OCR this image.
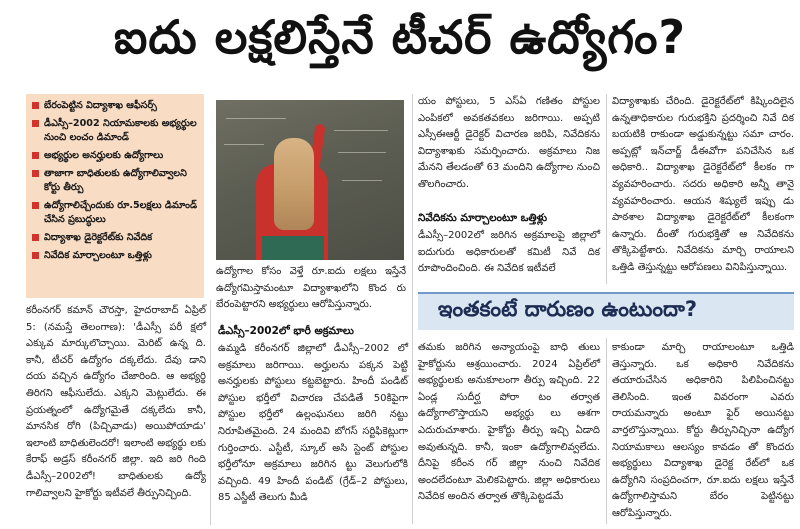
ఐదు లక్షలిస్తేనే టీచర్ ఉద్యోగం?
బేరంపెట్టిన విద్యాశాఖ ఆఫీసర్స్
డీఎస్సీ–2002 నియామకాలకు అభ్యర్థుల నుంచి లంచం డిమాండ్
అభ్యర్థుల అనర్హులకు ఉద్యోగాలు
తాజాగా బాధితులకు ఉద్యోగాలివ్వాలని కోర్టు తీర్పు
ఉద్యోగాలిచ్చేందుకు రూ.5లక్షలు డిమాండ్ చేసిన ప్రబుద్ధులు
విద్యాశాఖ డైరెక్టరేట్‌కు నివేదిక
నివేదిక మార్చాలంటూ ఒత్తిళ్లు
ఉద్యోగాల కోసం వెళ్తే రూ.ఐదు లక్షలు ఇస్తేనే ఉద్యోగమిస్తామంటూ విద్యాశాఖలోని కొంద రు బేరంపెట్టారని అభ్యర్థులు ఆరోపిస్తున్నారు.
కరీంనగర్ కమాన్ చౌరస్తా, హైదరాబాద్ ఏప్రిల్ 5: (నమస్తే తెలంగాణ): 'డీఎస్సీ పరీ క్షలో ఎక్కువ మార్కులొచ్చాయి. మెరిట్ ఉన్న ది. కానీ, టీచర్ ఉద్యోగం దక్కలేదు. దేవు డాని దయ వచ్చిన ఉద్యోగం చేజారింది. ఆ అభ్యర్థి తిరిగని ఆఫీసులేదు. ఎక్కని మెట్లులేదు. ఈ ప్రయత్నంలో ఉద్యోగమైతే దక్కలేదు కానీ, మానసిక రోగి (పిచ్చివాడు) అయిపోయాడు' ఇలాంటి బాధితులెందరో! ఇలాంటి అభ్యర్థు లకు కేరాఫ్ అడ్రస్ కరీంనగర్ జిల్లా. ఇది జరి గింది డీఎస్సీ–2002లో! బాధితులకు ఉద్యో గాలివ్వాలని హైకోర్టు ఇటీవలే తీర్పునిచ్చింది.
డీఎస్సీ–2002లో భారీ అక్రమాలు
ఉమ్మడి కరీంనగర్ జిల్లాలో డీఎస్సీ–2002 లో అక్రమాలు జరిగాయి. అర్హులను పక్కన పెట్టి అనర్హులకు పోస్టులు కట్టబెట్టారు. హిందీ పండిట్ పోస్టుల భర్తీలో విచారణ చేపడితే 50కిపైగా పోస్టుల భర్తీలో ఉల్లంఘనలు జరిగి నట్టు నిరూపితమైంది. 24 మందివి బోగస్ సర్టిఫికెట్లుగా గుర్తించారు. ఎస్టీటీ, స్కూల్ అసి స్టెంట్ పోస్టుల భర్తీలోనూ అక్రమాలు జరిగిన ట్టు వెలుగులోకి వచ్చింది. 49 హిందీ పండిట్ (గ్రేడ్–2 పోస్టులు, 85 ఎస్జీటీ తెలుగు మీడి
యం పోస్టులు, 5 ఎస్ఏ గణితం పోస్టుల ఎంపికలో అవకతవకలు జరిగాయి. అప్పటి ఎస్సీఈఆర్టీ డైరెక్టర్ విచారణ జరిపి, నివేదికను విద్యాశాఖకు సమర్పించారు. అక్రమాలు నిజ మేనని తేలడంతో 63 మందిని ఉద్యోగాల నుంచి తొలగించారు.
నివేదికను మార్చాలంటూ ఒత్తిళ్లు
డీఎస్సీ–2002లో జరిగిన అక్రమాలపై జిల్లాలో ఐదుగురు అధికారులతో కమిటీ నివే దిక రూపొందించింది. ఈ నివేదిక ఇటీవలే
విద్యాశాఖకు చేరింది. డైరెక్టరేట్‌లో కిష్కిందిలైన ఉన్నతాధికారుల గురుభక్తిని ప్రదర్శించి నివే దిక బయటికి రాకుండా అడ్డుకున్నట్టు సమా చారం. అప్పట్లో ఇన్‌చార్జ్ డీఈవోగా పనిచేసిన ఒక అధికారి.. విద్యాశాఖ డైరెక్టరేట్‌లో కీలకం గా వ్యవహరించారు. సదరు అధికారి అన్నీ తానై వ్యవహరించారు. ఆయన శిష్యులే ఇప్పు డు పాఠశాల విద్యాశాఖ డైరెక్టరేట్‌లో కీలకంగా ఉన్నారు. దీంతో గురుభక్తితో ఆ నివేదికను తొక్కిపెట్టేశారు. నివేదికను మార్చి రాయాలని ఒత్తిడి తెస్తున్నట్టు ఆరోపణలు వినిపిస్తున్నాయి.
ఇంతకంటే దారుణం ఉంటుందా?
తమకు జరిగిన అన్యాయంపై బాధి తులు హైకోర్టును ఆశ్రయించారు. 2024 ఏప్రిల్‌లో అభ్యర్థులకు అనుకూలంగా తీర్పు ఇచ్చింది. 22 ఏండ్ల సుదీర్ఘ పోరా టం తర్వాత ఉద్యోగాలొస్తాయని అభ్యర్థు లు ఆశగా ఎదురుచూశారు. హైకోర్టు తీర్పు ఇచ్చి ఏడాది అవుతున్నది. కానీ, ఇంకా ఉద్యోగాలివ్వలేదు. దీనిపై కరీంన గర్ జిల్లా నుంచి నివేదిక అందలేదంటూ మెలికపెట్టారు. జిల్లా అధికారులు నివేదిక అందిన తర్వాత తొక్కిపెట్టడమే
కాకుండా మార్చి రాయాలంటూ ఒత్తిడి తెస్తున్నారు. ఒక అధికారి నివేదికను తయారుచేసిన అధికారిని పిలిపించినట్టు తెలిసింది. ఇంత వివరంగా ఎవరు రాయమన్నారు అంటూ ఫైర్ అయినట్టు వార్తలొస్తున్నాయి. కోర్టు తీర్పునిచ్చినా ఉద్యోగ నియామకాలు ఆలస్యం కావడం తో కొందరు అభ్యర్థులు విద్యాశాఖ డైరెక్ట రేట్‌లో ఒక ఉద్యోగిని సంప్రదించగా, రూ.ఐదు లక్షలు ఇస్తేనే ఉద్యోగాలిస్తామని బేరం పెట్టినట్టు ఆరోపిస్తున్నారు.
